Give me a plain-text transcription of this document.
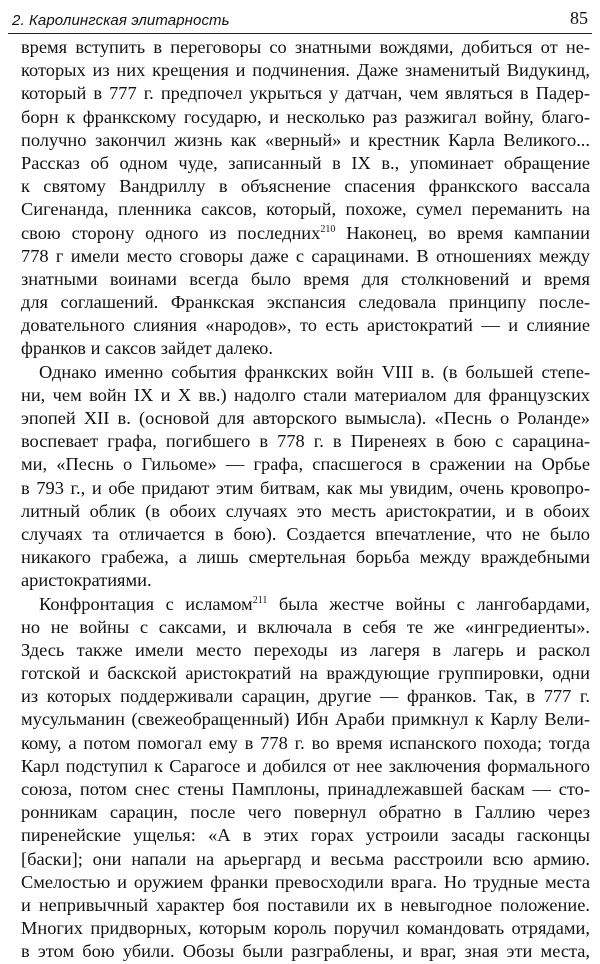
2. Каролингская элитарность	85
время вступить в переговоры со знатными вождями, добиться от не-
которых из них крещения и подчинения. Даже знаменитый Видукинд,
который в 777 г. предпочел укрыться у датчан, чем являться в Падер-
борн к франкскому государю, и несколько раз разжигал войну, благо-
получно закончил жизнь как «верный» и крестник Карла Великого...
Рассказ об одном чуде, записанный в IX в., упоминает обращение
к святому Вандриллу в объяснение спасения франкского вассала
Сигенанда, пленника саксов, который, похоже, сумел переманить на
свою сторону одного из последних$^{210}$ Наконец, во время кампании
778 г имели место сговоры даже с сарацинами. В отношениях между
знатными воинами всегда было время для столкновений и время
для соглашений. Франкская экспансия следовала принципу после-
довательного слияния «народов», то есть аристократий — и слияние
франков и саксов зайдет далеко.
Однако именно события франкских войн VIII в. (в большей степе-
ни, чем войн IX и X вв.) надолго стали материалом для французских
эпопей XII в. (основой для авторского вымысла). «Песнь о Роланде»
воспевает графа, погибшего в 778 г. в Пиренеях в бою с сарацина-
ми, «Песнь о Гильоме» — графа, спасшегося в сражении на Орбье
в 793 г., и обе придают этим битвам, как мы увидим, очень кровопро-
литный облик (в обоих случаях это месть аристократии, и в обоих
случаях та отличается в бою). Создается впечатление, что не было
никакого грабежа, а лишь смертельная борьба между враждебными
аристократиями.
Конфронтация с исламом$^{211}$ была жестче войны с лангобардами,
но не войны с саксами, и включала в себя те же «ингредиенты».
Здесь также имели место переходы из лагеря в лагерь и раскол
готской и баскской аристократий на враждующие группировки, одни
из которых поддерживали сарацин, другие — франков. Так, в 777 г.
мусульманин (свежеобращенный) Ибн Араби примкнул к Карлу Вели-
кому, а потом помогал ему в 778 г. во время испанского похода; тогда
Карл подступил к Сарагосе и добился от нее заключения формального
союза, потом снес стены Памплоны, принадлежавшей баскам — сто-
ронникам сарацин, после чего повернул обратно в Галлию через
пиренейские ущелья: «А в этих горах устроили засады гасконцы
[баски]; они напали на арьергард и весьма расстроили всю армию.
Смелостью и оружием франки превосходили врага. Но трудные места
и непривычный характер боя поставили их в невыгодное положение.
Многих придворных, которым король поручил командовать отрядами,
в этом бою убили. Обозы были разграблены, и враг, зная эти места,
